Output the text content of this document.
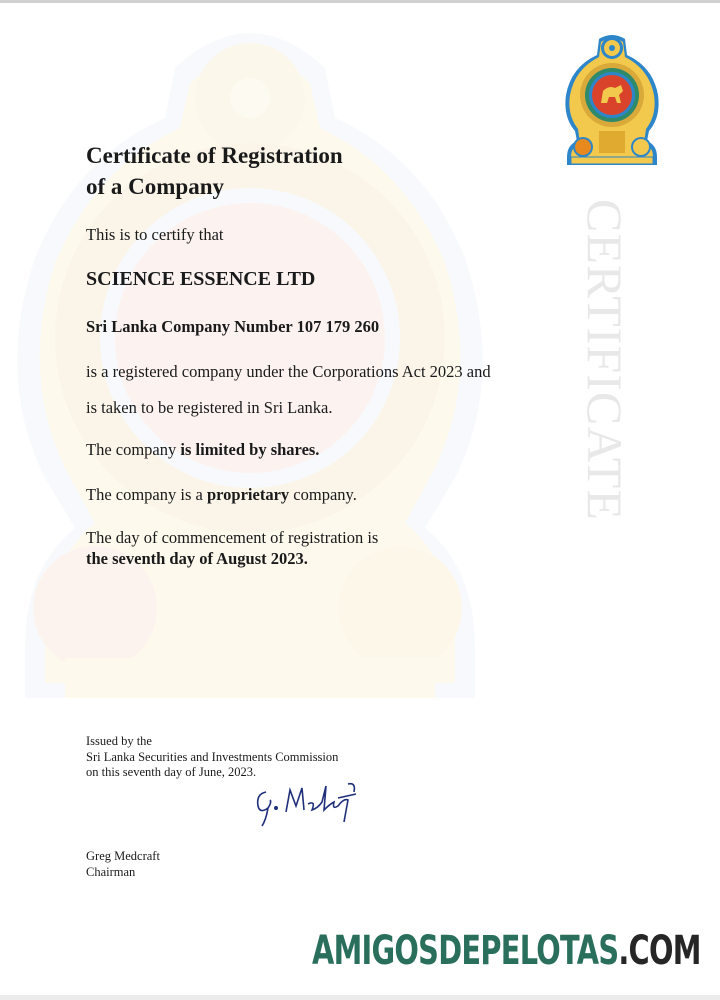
CERTIFICATE
Certificate of Registration
of a Company

This is to certify that

SCIENCE ESSENCE LTD

Sri Lanka Company Number 107 179 260

is a registered company under the Corporations Act 2023 and

is taken to be registered in Sri Lanka.

The company is limited by shares.

The company is a proprietary company.

The day of commencement of registration is

the seventh day of August 2023.

Issued by the
Sri Lanka Securities and Investments Commission
on this seventh day of June, 2023.
Greg Medcraft
Chairman
AMIGOSDEPELOTAS.COM
